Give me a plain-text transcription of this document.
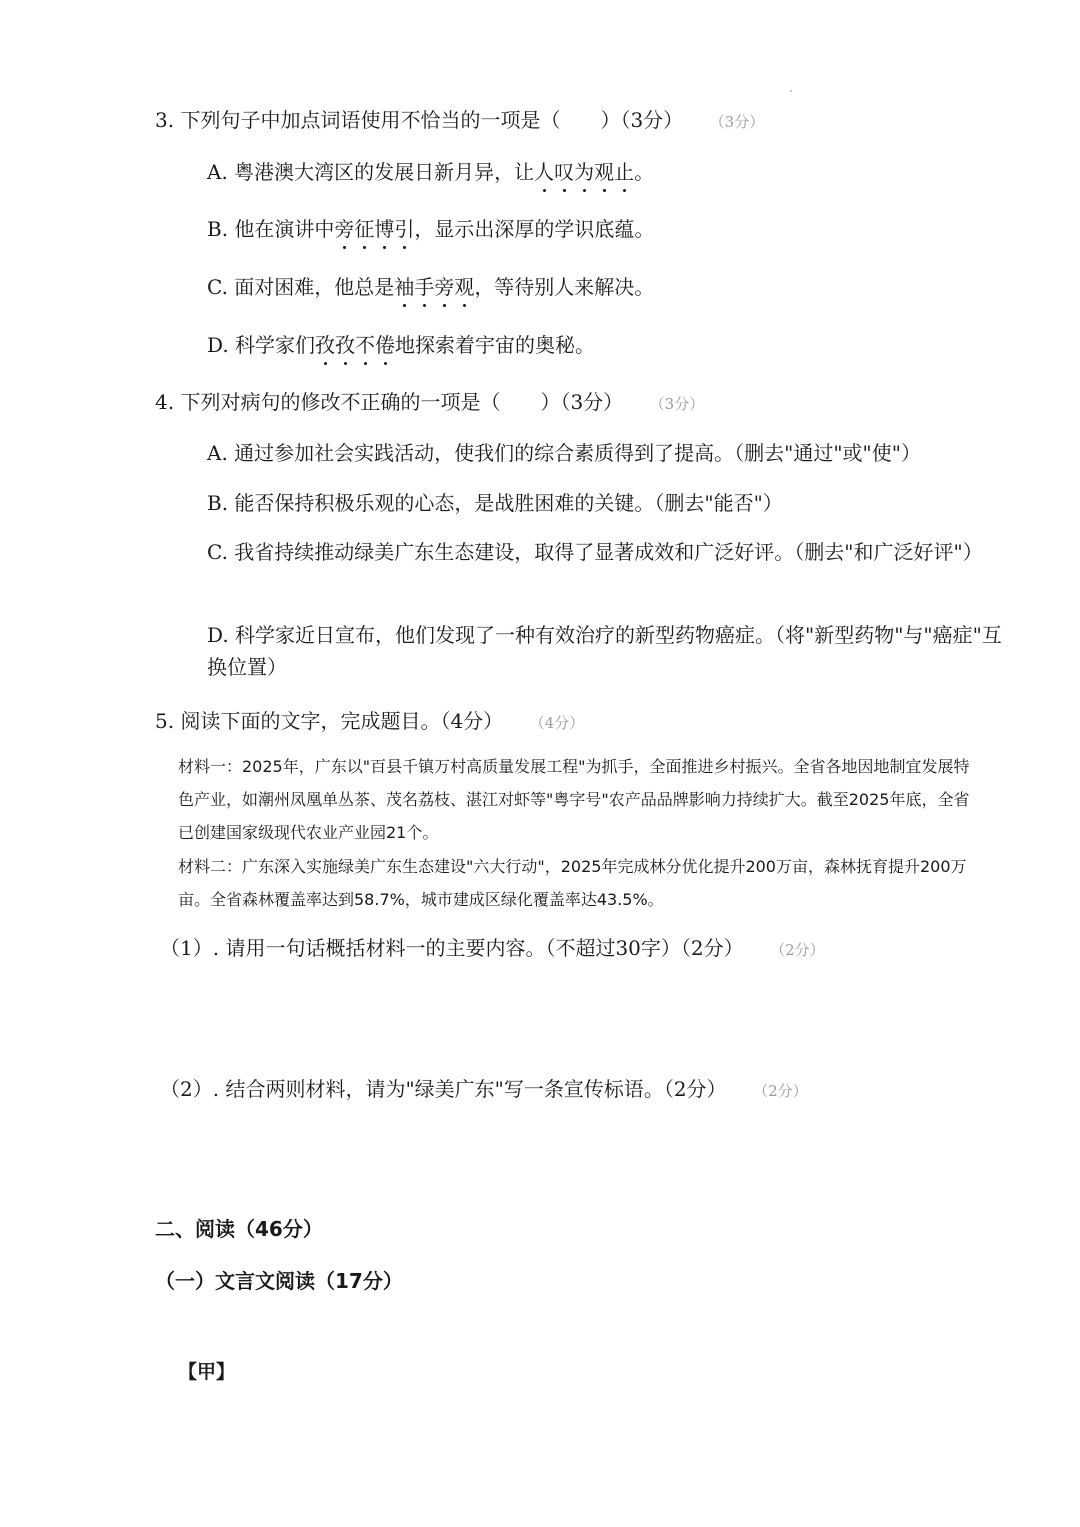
3. 下列句子中加点词语使用不恰当的一项是（　　）（3分） （3分）
A. 粤港澳大湾区的发展日新月异，让人叹为观止。
B. 他在演讲中旁征博引，显示出深厚的学识底蕴。
C. 面对困难，他总是袖手旁观，等待别人来解决。
D. 科学家们孜孜不倦地探索着宇宙的奥秘。
4. 下列对病句的修改不正确的一项是（　　）（3分） （3分）
A. 通过参加社会实践活动，使我们的综合素质得到了提高。（删去"通过"或"使"）
B. 能否保持积极乐观的心态，是战胜困难的关键。（删去"能否"）
C. 我省持续推动绿美广东生态建设，取得了显著成效和广泛好评。（删去"和广泛好评"）
D. 科学家近日宣布，他们发现了一种有效治疗的新型药物癌症。（将"新型药物"与"癌症"互换位置）
5. 阅读下面的文字，完成题目。（4分） （4分）
材料一：2025年，广东以"百县千镇万村高质量发展工程"为抓手，全面推进乡村振兴。全省各地因地制宜发展特色产业，如潮州凤凰单丛茶、茂名荔枝、湛江对虾等"粤字号"农产品品牌影响力持续扩大。截至2025年底，全省已创建国家级现代农业产业园21个。
材料二：广东深入实施绿美广东生态建设"六大行动"，2025年完成林分优化提升200万亩，森林抚育提升200万亩。全省森林覆盖率达到58.7%，城市建成区绿化覆盖率达43.5%。
（1）. 请用一句话概括材料一的主要内容。（不超过30字）（2分） （2分）
（2）. 结合两则材料，请为"绿美广东"写一条宣传标语。（2分） （2分）
二、阅读（46分）
（一）文言文阅读（17分）
【甲】
